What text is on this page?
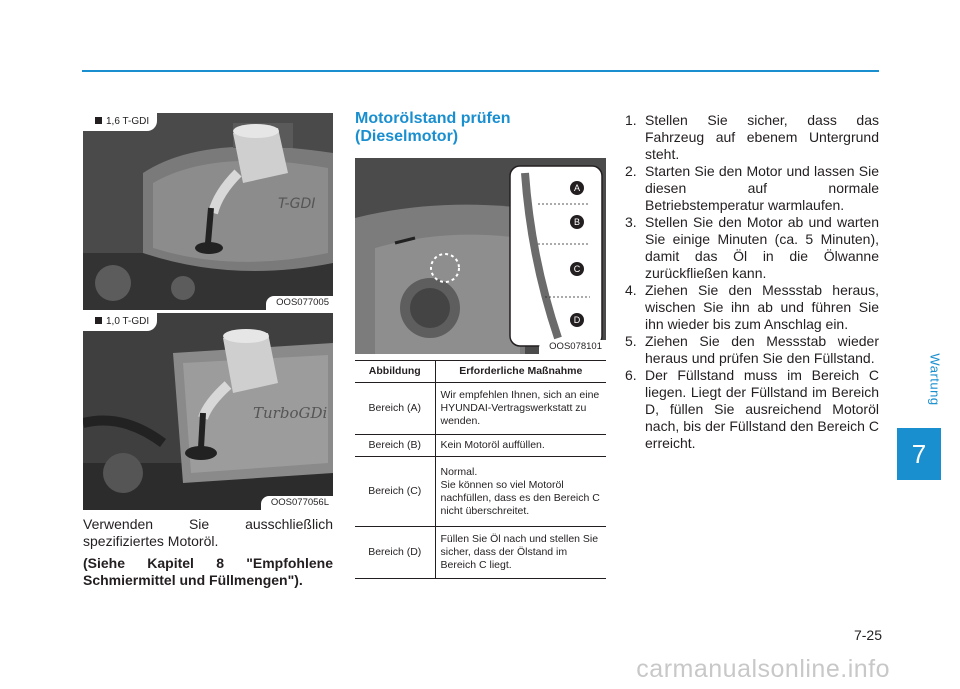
Wartung
7
T-GDI
1,6 T-GDI
OOS077005
TurboGDi
1,0 T-GDI
OOS077056L

Verwenden Sie ausschließlich spezifiziertes Motoröl.

(Siehe Kapitel 8 "Empfohlene Schmiermittel und Füllmengen").

Motorölstand prüfen
(Dieselmotor)
A
B
C
D
OOS078101
Abbildung	Erforderliche Maßnahme
Bereich (A)	Wir empfehlen Ihnen, sich an eine HYUNDAI-Vertragswerkstatt zu wenden.
Bereich (B)	Kein Motoröl auffüllen.
Bereich (C)	Normal.
Sie können so viel Motoröl nachfüllen, dass es den Bereich C nicht überschreitet.
Bereich (D)	Füllen Sie Öl nach und stellen Sie sicher, dass der Ölstand im Bereich C liegt.
1. Stellen Sie sicher, dass das Fahrzeug auf ebenem Untergrund steht.
2. Starten Sie den Motor und lassen Sie diesen auf normale Betriebstemperatur warmlaufen.
3. Stellen Sie den Motor ab und warten Sie einige Minuten (ca. 5 Minuten), damit das Öl in die Ölwanne zurückfließen kann.
4. Ziehen Sie den Messstab heraus, wischen Sie ihn ab und führen Sie ihn wieder bis zum Anschlag ein.
5. Ziehen Sie den Messstab wieder heraus und prüfen Sie den Füllstand.
6. Der Füllstand muss im Bereich C liegen. Liegt der Füllstand im Bereich D, füllen Sie ausreichend Motoröl nach, bis der Füllstand den Bereich C erreicht.
7-25
carmanualsonline.info
